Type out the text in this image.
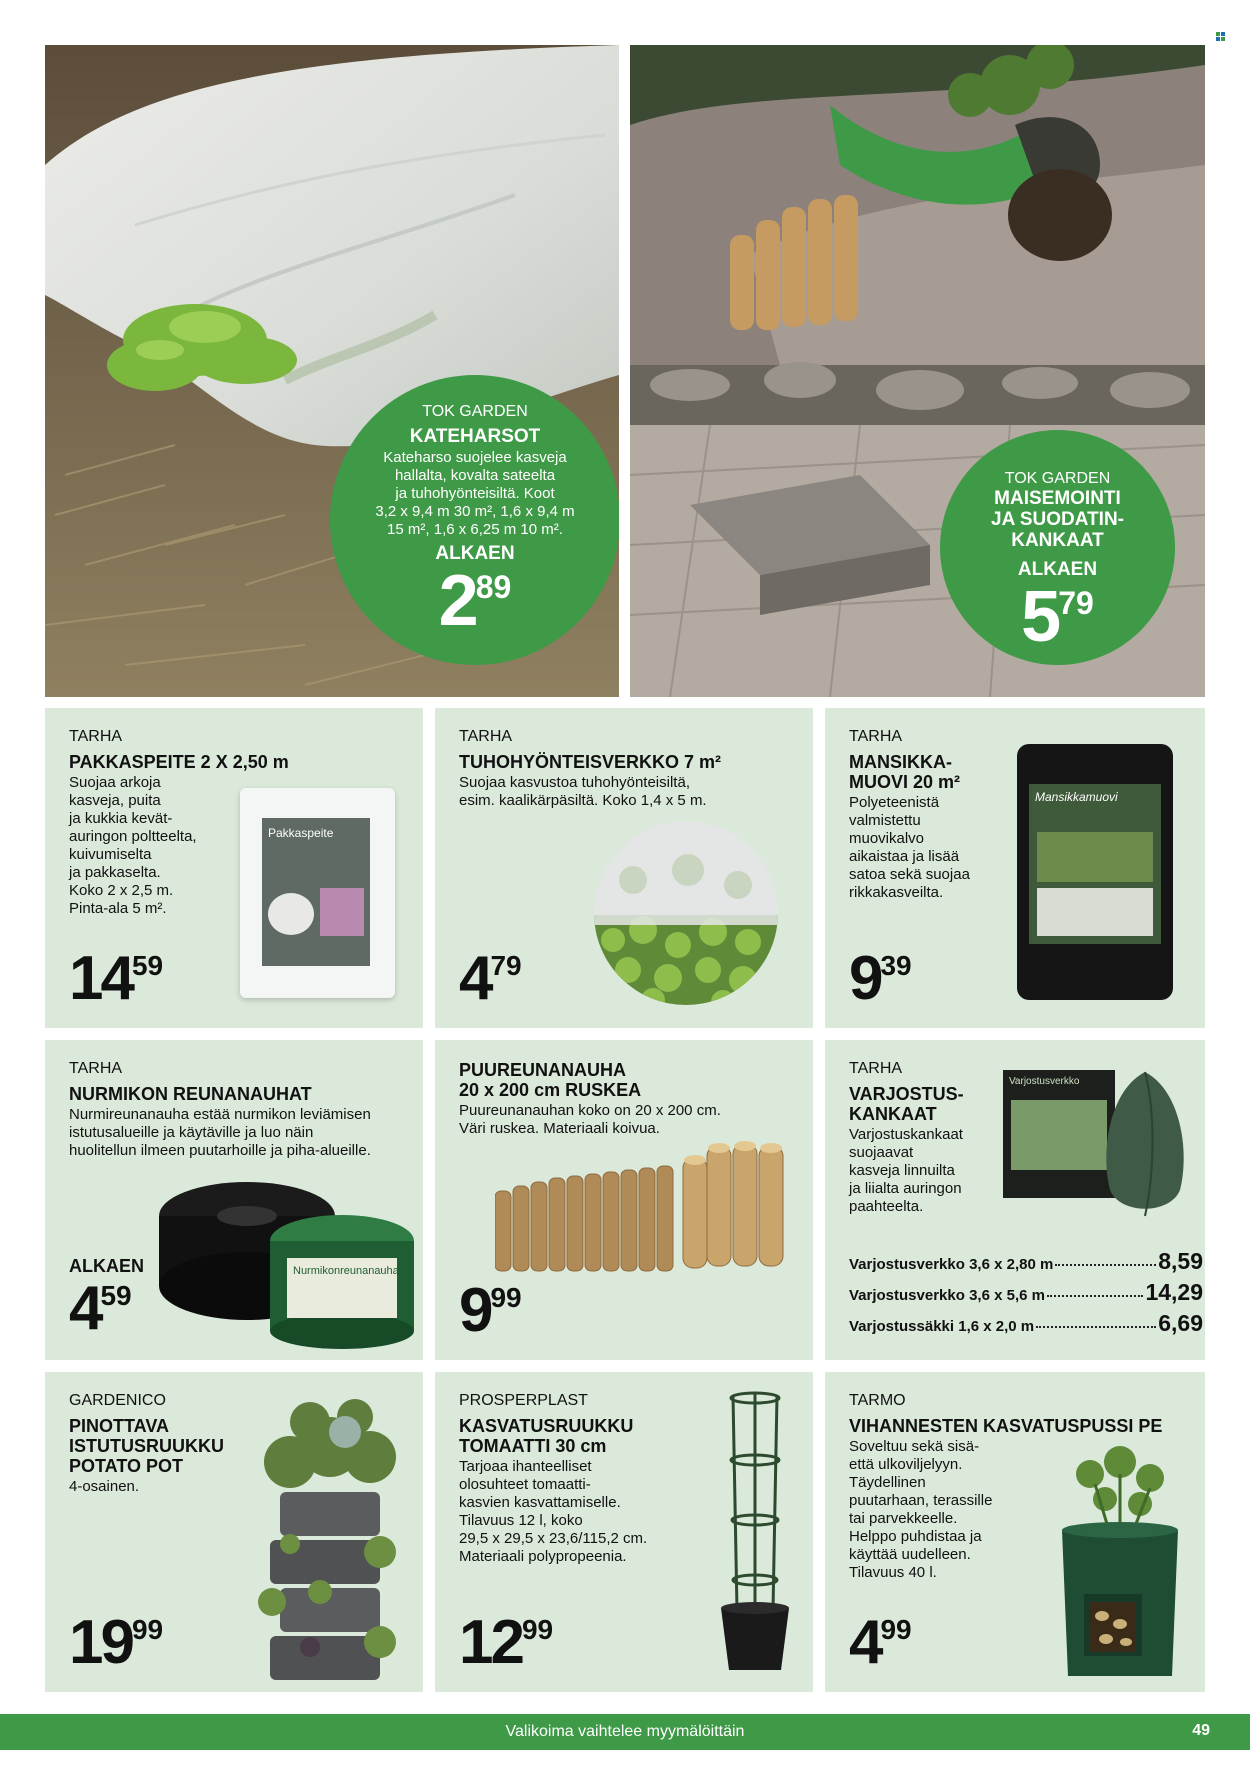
TOK GARDEN
KATEHARSOT
Kateharso suojelee kasveja
hallalta, kovalta sateelta
ja tuhohyönteisiltä. Koot
3,2 x 9,4 m 30 m², 1,6 x 9,4 m
15 m², 1,6 x 6,25 m 10 m².
ALKAEN
289
TOK GARDEN
MAISEMOINTI
JA SUODATIN-
KANKAAT
ALKAEN
579
TARHA
PAKKASPEITE 2 X 2,50 m
Suojaa arkoja
kasveja, puita
ja kukkia kevät-
auringon poltteelta,
kuivumiselta
ja pakkaselta.
Koko 2 x 2,5 m.
Pinta-ala 5 m².
Pakkaspeite
1459
TARHA
TUHOHYÖNTEISVERKKO 7 m²
Suojaa kasvustoa tuhohyönteisiltä,
esim. kaalikärpäsiltä. Koko 1,4 x 5 m.
479
TARHA
MANSIKKA-
MUOVI 20 m²
Polyeteenistä
valmistettu
muovikalvo
aikaistaa ja lisää
satoa sekä suojaa
rikkakasveilta.
Mansikkamuovi
939
TARHA
NURMIKON REUNANAUHAT
Nurmireunanauha estää nurmikon leviämisen
istutusalueille ja käytäville ja luo näin
huolitellun ilmeen puutarhoille ja piha-alueille.
Nurmikonreunanauha
ALKAEN
459
PUUREUNANAUHA
20 x 200 cm RUSKEA
Puureunanauhan koko on 20 x 200 cm.
Väri ruskea. Materiaali koivua.
999
TARHA
VARJOSTUS-
KANKAAT
Varjostuskankaat
suojaavat
kasveja linnuilta
ja liialta auringon
paahteelta.
Varjostusverkko
Varjostusverkko 3,6 x 2,80 m	8,59
Varjostusverkko 3,6 x 5,6 m	14,29
Varjostussäkki 1,6 x 2,0 m	6,69
GARDENICO
PINOTTAVA
ISTUTUSRUUKKU
POTATO POT
4-osainen.
1999
PROSPERPLAST
KASVATUSRUUKKU
TOMAATTI 30 cm
Tarjoaa ihanteelliset
olosuhteet tomaatti-
kasvien kasvattamiselle.
Tilavuus 12 l, koko
29,5 x 29,5 x 23,6/115,2 cm.
Materiaali polypropeenia.
1299
TARMO
VIHANNESTEN KASVATUSPUSSI PE
Soveltuu sekä sisä-
että ulkoviljelyyn.
Täydellinen
puutarhaan, terassille
tai parvekkeelle.
Helppo puhdistaa ja
käyttää uudelleen.
Tilavuus 40 l.
499
Valikoima vaihtelee myymälöittäin	49
